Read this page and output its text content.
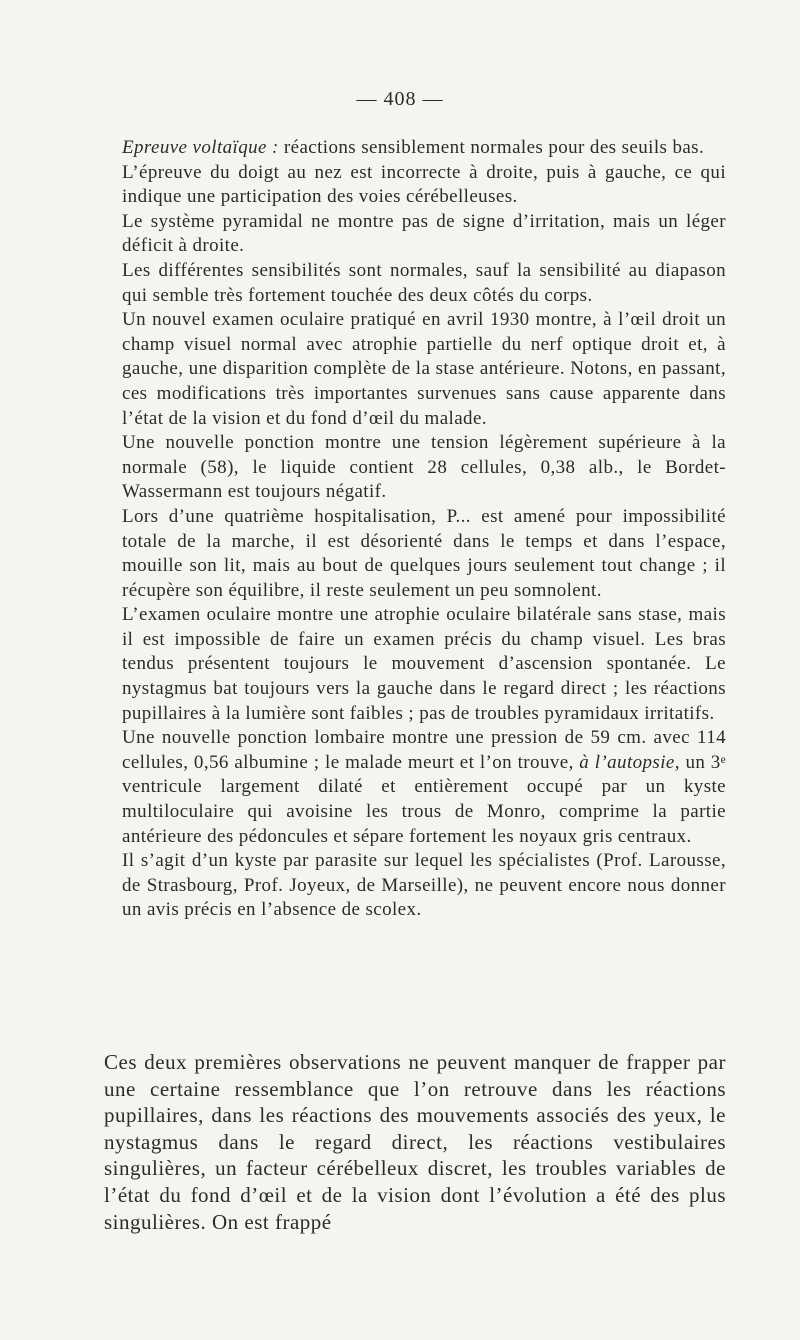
— 408 —

Epreuve voltaïque : réactions sensiblement normales pour des seuils bas.

L’épreuve du doigt au nez est incorrecte à droite, puis à gauche, ce qui indique une participation des voies cérébelleuses.

Le système pyramidal ne montre pas de signe d’irritation, mais un léger déficit à droite.

Les différentes sensibilités sont normales, sauf la sensibilité au diapason qui semble très fortement touchée des deux côtés du corps.

Un nouvel examen oculaire pratiqué en avril 1930 montre, à l’œil droit un champ visuel normal avec atrophie partielle du nerf optique droit et, à gauche, une disparition complète de la stase antérieure. Notons, en passant, ces modifications très importantes survenues sans cause apparente dans l’état de la vision et du fond d’œil du malade.

Une nouvelle ponction montre une tension légèrement supérieure à la normale (58), le liquide contient 28 cellules, 0,38 alb., le Bordet-Wassermann est toujours négatif.

Lors d’une quatrième hospitalisation, P... est amené pour impossibilité totale de la marche, il est désorienté dans le temps et dans l’espace, mouille son lit, mais au bout de quelques jours seulement tout change ; il récupère son équilibre, il reste seulement un peu somnolent.

L’examen oculaire montre une atrophie oculaire bilatérale sans stase, mais il est impossible de faire un examen précis du champ visuel. Les bras tendus présentent toujours le mouvement d’ascension spontanée. Le nystagmus bat toujours vers la gauche dans le regard direct ; les réactions pupillaires à la lumière sont faibles ; pas de troubles pyramidaux irritatifs.

Une nouvelle ponction lombaire montre une pression de 59 cm. avec 114 cellules, 0,56 albumine ; le malade meurt et l’on trouve, à l’autopsie, un 3ᵉ ventricule largement dilaté et entièrement occupé par un kyste multiloculaire qui avoisine les trous de Monro, comprime la partie antérieure des pédoncules et sépare fortement les noyaux gris centraux.

Il s’agit d’un kyste par parasite sur lequel les spécialistes (Prof. Larousse, de Strasbourg, Prof. Joyeux, de Marseille), ne peuvent encore nous donner un avis précis en l’absence de scolex.

Ces deux premières observations ne peuvent manquer de frapper par une certaine ressemblance que l’on retrouve dans les réactions pupillaires, dans les réactions des mouvements associés des yeux, le nystagmus dans le regard direct, les réactions vestibulaires singulières, un facteur cérébelleux discret, les troubles variables de l’état du fond d’œil et de la vision dont l’évolution a été des plus singulières. On est frappé
